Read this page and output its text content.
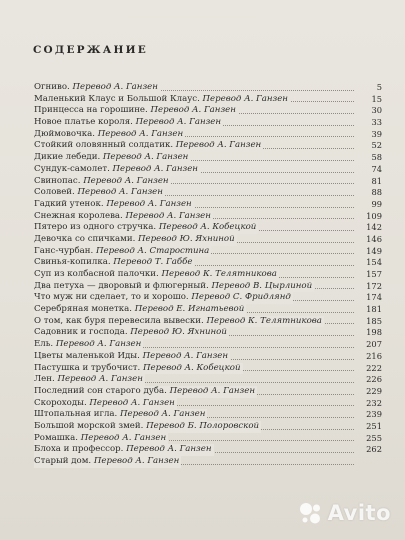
СОДЕРЖАНИЕ
Огниво. Перевод А. Ганзен	5
Маленький Клаус и Большой Клаус. Перевод А. Ганзен	15
Принцесса на горошине. Перевод А. Ганзен	30
Новое платье короля. Перевод А. Ганзен	33
Дюймовочка. Перевод А. Ганзен	39
Стойкий оловянный солдатик. Перевод А. Ганзен	52
Дикие лебеди. Перевод А. Ганзен	58
Сундук-самолет. Перевод А. Ганзен	74
Свинопас. Перевод А. Ганзен	81
Соловей. Перевод А. Ганзен	88
Гадкий утенок. Перевод А. Ганзен	99
Снежная королева. Перевод А. Ганзен	109
Пятеро из одного стручка. Перевод А. Кобецкой	142
Девочка со спичками. Перевод Ю. Яхниной	146
Ганс-чурбан. Перевод А. Старостина	149
Свинья-копилка. Перевод Т. Габбе	154
Суп из колбасной палочки. Перевод К. Телятникова	157
Два петуха — дворовый и флюгерный. Перевод В. Цырлиной	172
Что муж ни сделает, то и хорошо. Перевод С. Фридлянд	174
Серебряная монетка. Перевод Е. Игнатьевой	181
О том, как буря перевесила вывески. Перевод К. Телятникова	185
Садовник и господа. Перевод Ю. Яхниной	198
Ель. Перевод А. Ганзен	207
Цветы маленькой Иды. Перевод А. Ганзен	216
Пастушка и трубочист. Перевод А. Кобецкой	222
Лен. Перевод А. Ганзен	226
Последний сон старого дуба. Перевод А. Ганзен	229
Скороходы. Перевод А. Ганзен	232
Штопальная игла. Перевод А. Ганзен	239
Большой морской змей. Перевод Б. Полоровской	251
Ромашка. Перевод А. Ганзен	255
Блоха и профессор. Перевод А. Ганзен	262
Старый дом. Перевод А. Ганзен
Avito
